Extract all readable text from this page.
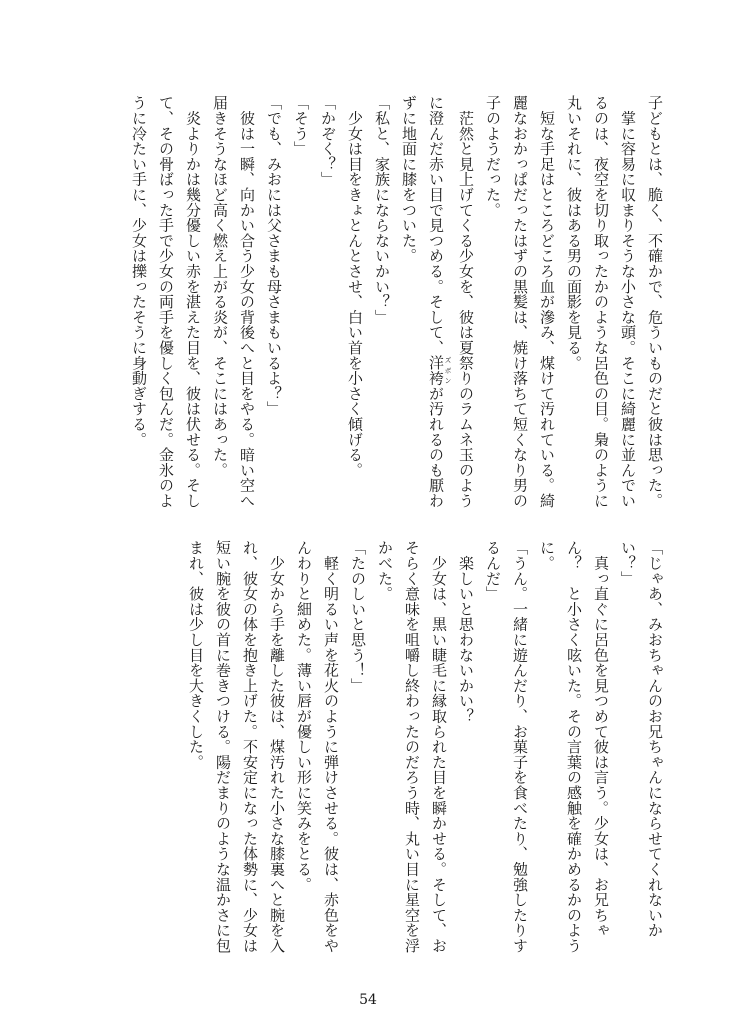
子どもとは、脆く、不確かで、危ういものだと彼は思った。
　掌に容易に収まりそうな小さな頭。そこに綺麗に並んでい
るのは、夜空を切り取ったかのような呂色の目。梟のように
丸いそれに、彼はある男の面影を見る。
　短な手足はところどころ血が滲み、煤けて汚れている。綺
麗なおかっぱだったはずの黒髪は、焼け落ちて短くなり男の
子のようだった。
　茫然と見上げてくる少女を、彼は夏祭りのラムネ玉のよう
に澄んだ赤い目で見つめる。そして、洋袴 ズボンが汚れるのも厭わ
ずに地面に膝をついた。
「私と、家族にならないかい？」
　少女は目をきょとんとさせ、白い首を小さく傾げる。
「かぞく？」
「そう」
「でも、みおには父さまも母さまもいるよ？」
　彼は一瞬、向かい合う少女の背後へと目をやる。暗い空へ
届きそうなほど高く燃え上がる炎が、そこにはあった。
　炎よりかは幾分優しい赤を湛えた目を、彼は伏せる。そし
て、その骨ばった手で少女の両手を優しく包んだ。金氷のよ
うに冷たい手に、少女は擽ったそうに身動ぎする。
「じゃあ、みおちゃんのお兄ちゃんにならせてくれないか
い？」
　真っ直ぐに呂色を見つめて彼は言う。少女は、お兄ちゃ
ん？　と小さく呟いた。その言葉の感触を確かめるかのよう
に。
「うん。一緒に遊んだり、お菓子を食べたり、勉強したりす
るんだ」
　楽しいと思わないかい？
　少女は、黒い睫毛に縁取られた目を瞬かせる。そして、お
そらく意味を咀嚼し終わったのだろう時、丸い目に星空を浮
かべた。
「たのしいと思う！」
　軽く明るい声を花火のように弾けさせる。彼は、赤色をや
んわりと細めた。薄い唇が優しい形に笑みをとる。
　少女から手を離した彼は、煤汚れた小さな膝裏へと腕を入
れ、彼女の体を抱き上げた。不安定になった体勢に、少女は
短い腕を彼の首に巻きつける。陽だまりのような温かさに包
まれ、彼は少し目を大きくした。
54
